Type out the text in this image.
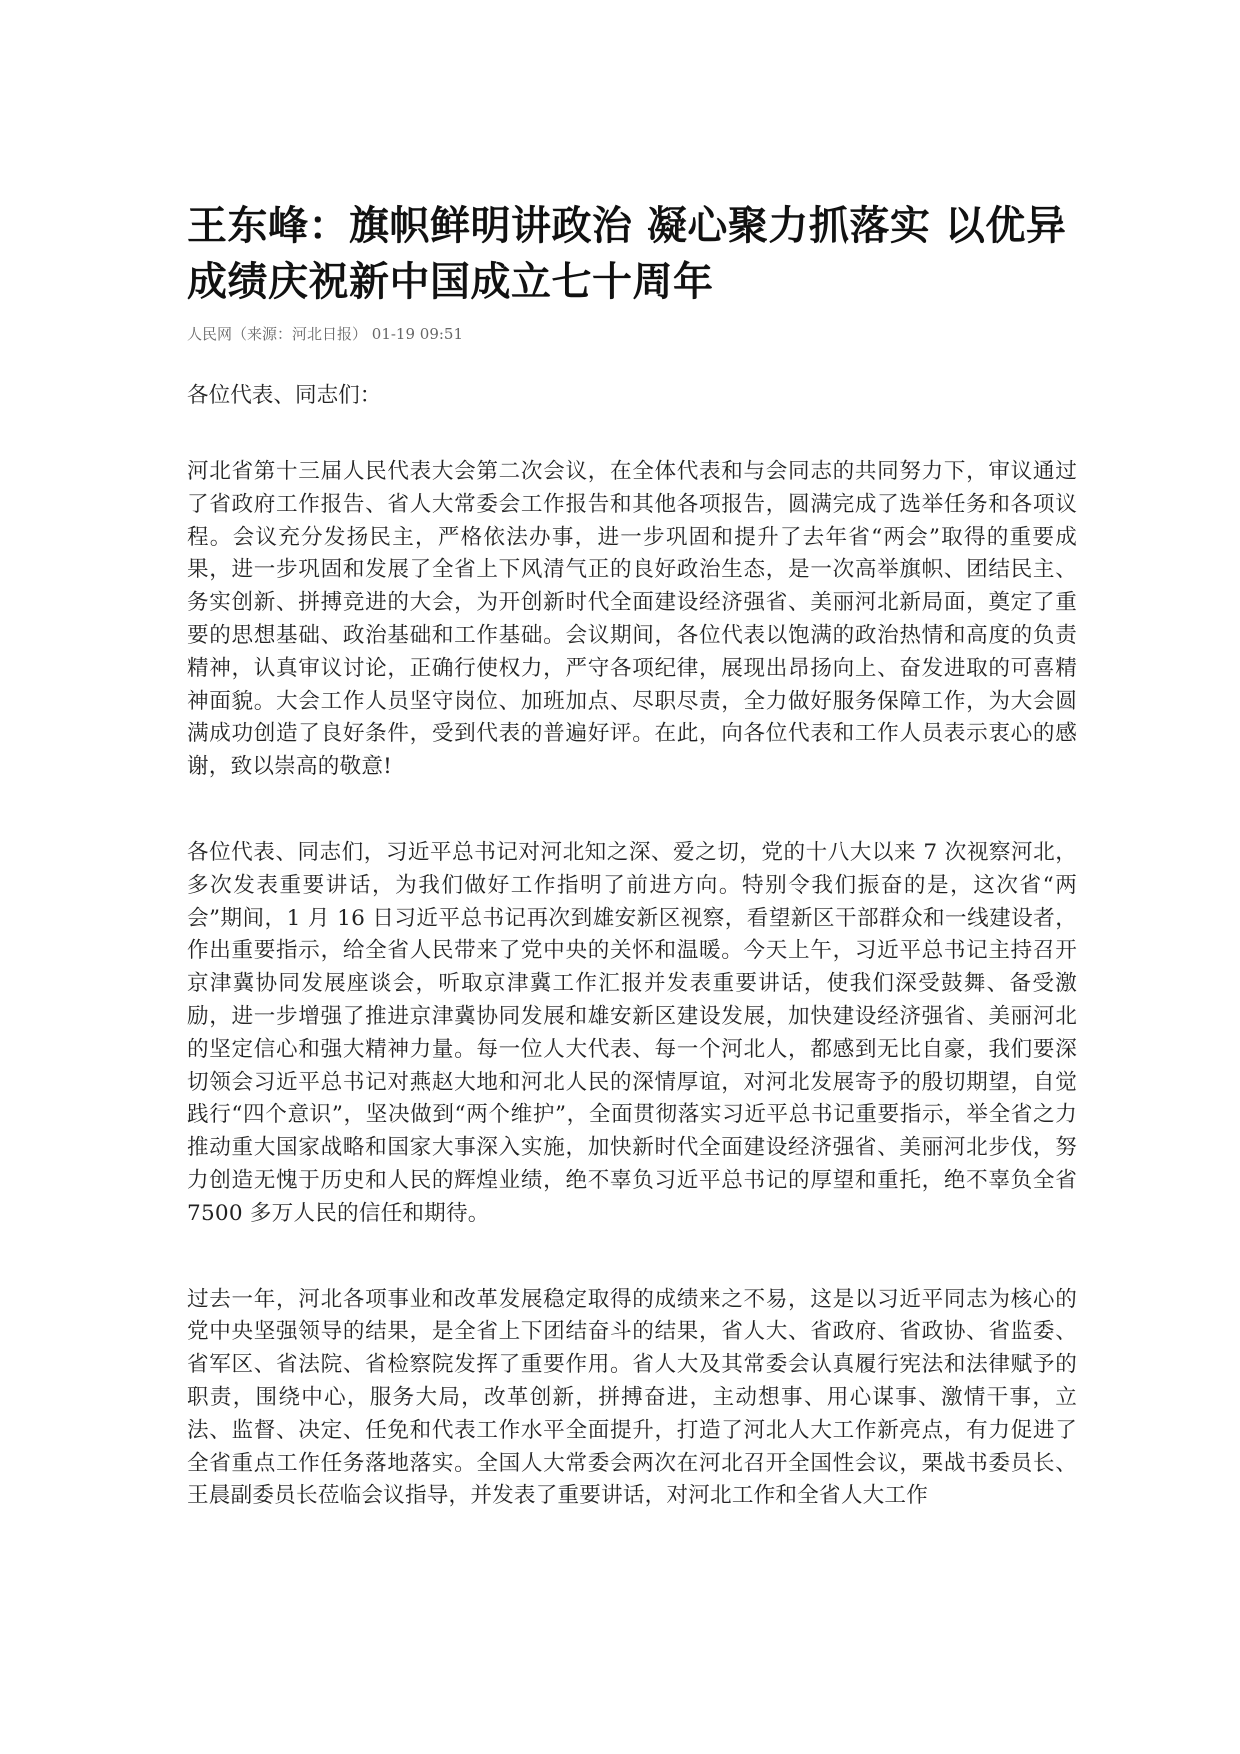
王东峰：旗帜鲜明讲政治 凝心聚力抓落实 以优异成绩庆祝新中国成立七十周年
人民网（来源：河北日报） 01-19 09:51
各位代表、同志们：

河北省第十三届人民代表大会第二次会议，在全体代表和与会同志的共同努力下，审议通过了省政府工作报告、省人大常委会工作报告和其他各项报告，圆满完成了选举任务和各项议程。会议充分发扬民主，严格依法办事，进一步巩固和提升了去年省“两会”取得的重要成果，进一步巩固和发展了全省上下风清气正的良好政治生态，是一次高举旗帜、团结民主、务实创新、拼搏竞进的大会，为开创新时代全面建设经济强省、美丽河北新局面，奠定了重要的思想基础、政治基础和工作基础。会议期间，各位代表以饱满的政治热情和高度的负责精神，认真审议讨论，正确行使权力，严守各项纪律，展现出昂扬向上、奋发进取的可喜精神面貌。大会工作人员坚守岗位、加班加点、尽职尽责，全力做好服务保障工作，为大会圆满成功创造了良好条件，受到代表的普遍好评。在此，向各位代表和工作人员表示衷心的感谢，致以崇高的敬意!

各位代表、同志们，习近平总书记对河北知之深、爱之切，党的十八大以来 7 次视察河北，多次发表重要讲话，为我们做好工作指明了前进方向。特别令我们振奋的是，这次省“两会”期间，1 月 16 日习近平总书记再次到雄安新区视察，看望新区干部群众和一线建设者，作出重要指示，给全省人民带来了党中央的关怀和温暖。今天上午，习近平总书记主持召开京津冀协同发展座谈会，听取京津冀工作汇报并发表重要讲话，使我们深受鼓舞、备受激励，进一步增强了推进京津冀协同发展和雄安新区建设发展，加快建设经济强省、美丽河北的坚定信心和强大精神力量。每一位人大代表、每一个河北人，都感到无比自豪，我们要深切领会习近平总书记对燕赵大地和河北人民的深情厚谊，对河北发展寄予的殷切期望，自觉践行“四个意识”，坚决做到“两个维护”，全面贯彻落实习近平总书记重要指示，举全省之力推动重大国家战略和国家大事深入实施，加快新时代全面建设经济强省、美丽河北步伐，努力创造无愧于历史和人民的辉煌业绩，绝不辜负习近平总书记的厚望和重托，绝不辜负全省 7500 多万人民的信任和期待。

过去一年，河北各项事业和改革发展稳定取得的成绩来之不易，这是以习近平同志为核心的党中央坚强领导的结果，是全省上下团结奋斗的结果，省人大、省政府、省政协、省监委、省军区、省法院、省检察院发挥了重要作用。省人大及其常委会认真履行宪法和法律赋予的职责，围绕中心，服务大局，改革创新，拼搏奋进，主动想事、用心谋事、激情干事，立法、监督、决定、任免和代表工作水平全面提升，打造了河北人大工作新亮点，有力促进了全省重点工作任务落地落实。全国人大常委会两次在河北召开全国性会议，栗战书委员长、王晨副委员长莅临会议指导，并发表了重要讲话，对河北工作和全省人大工作
